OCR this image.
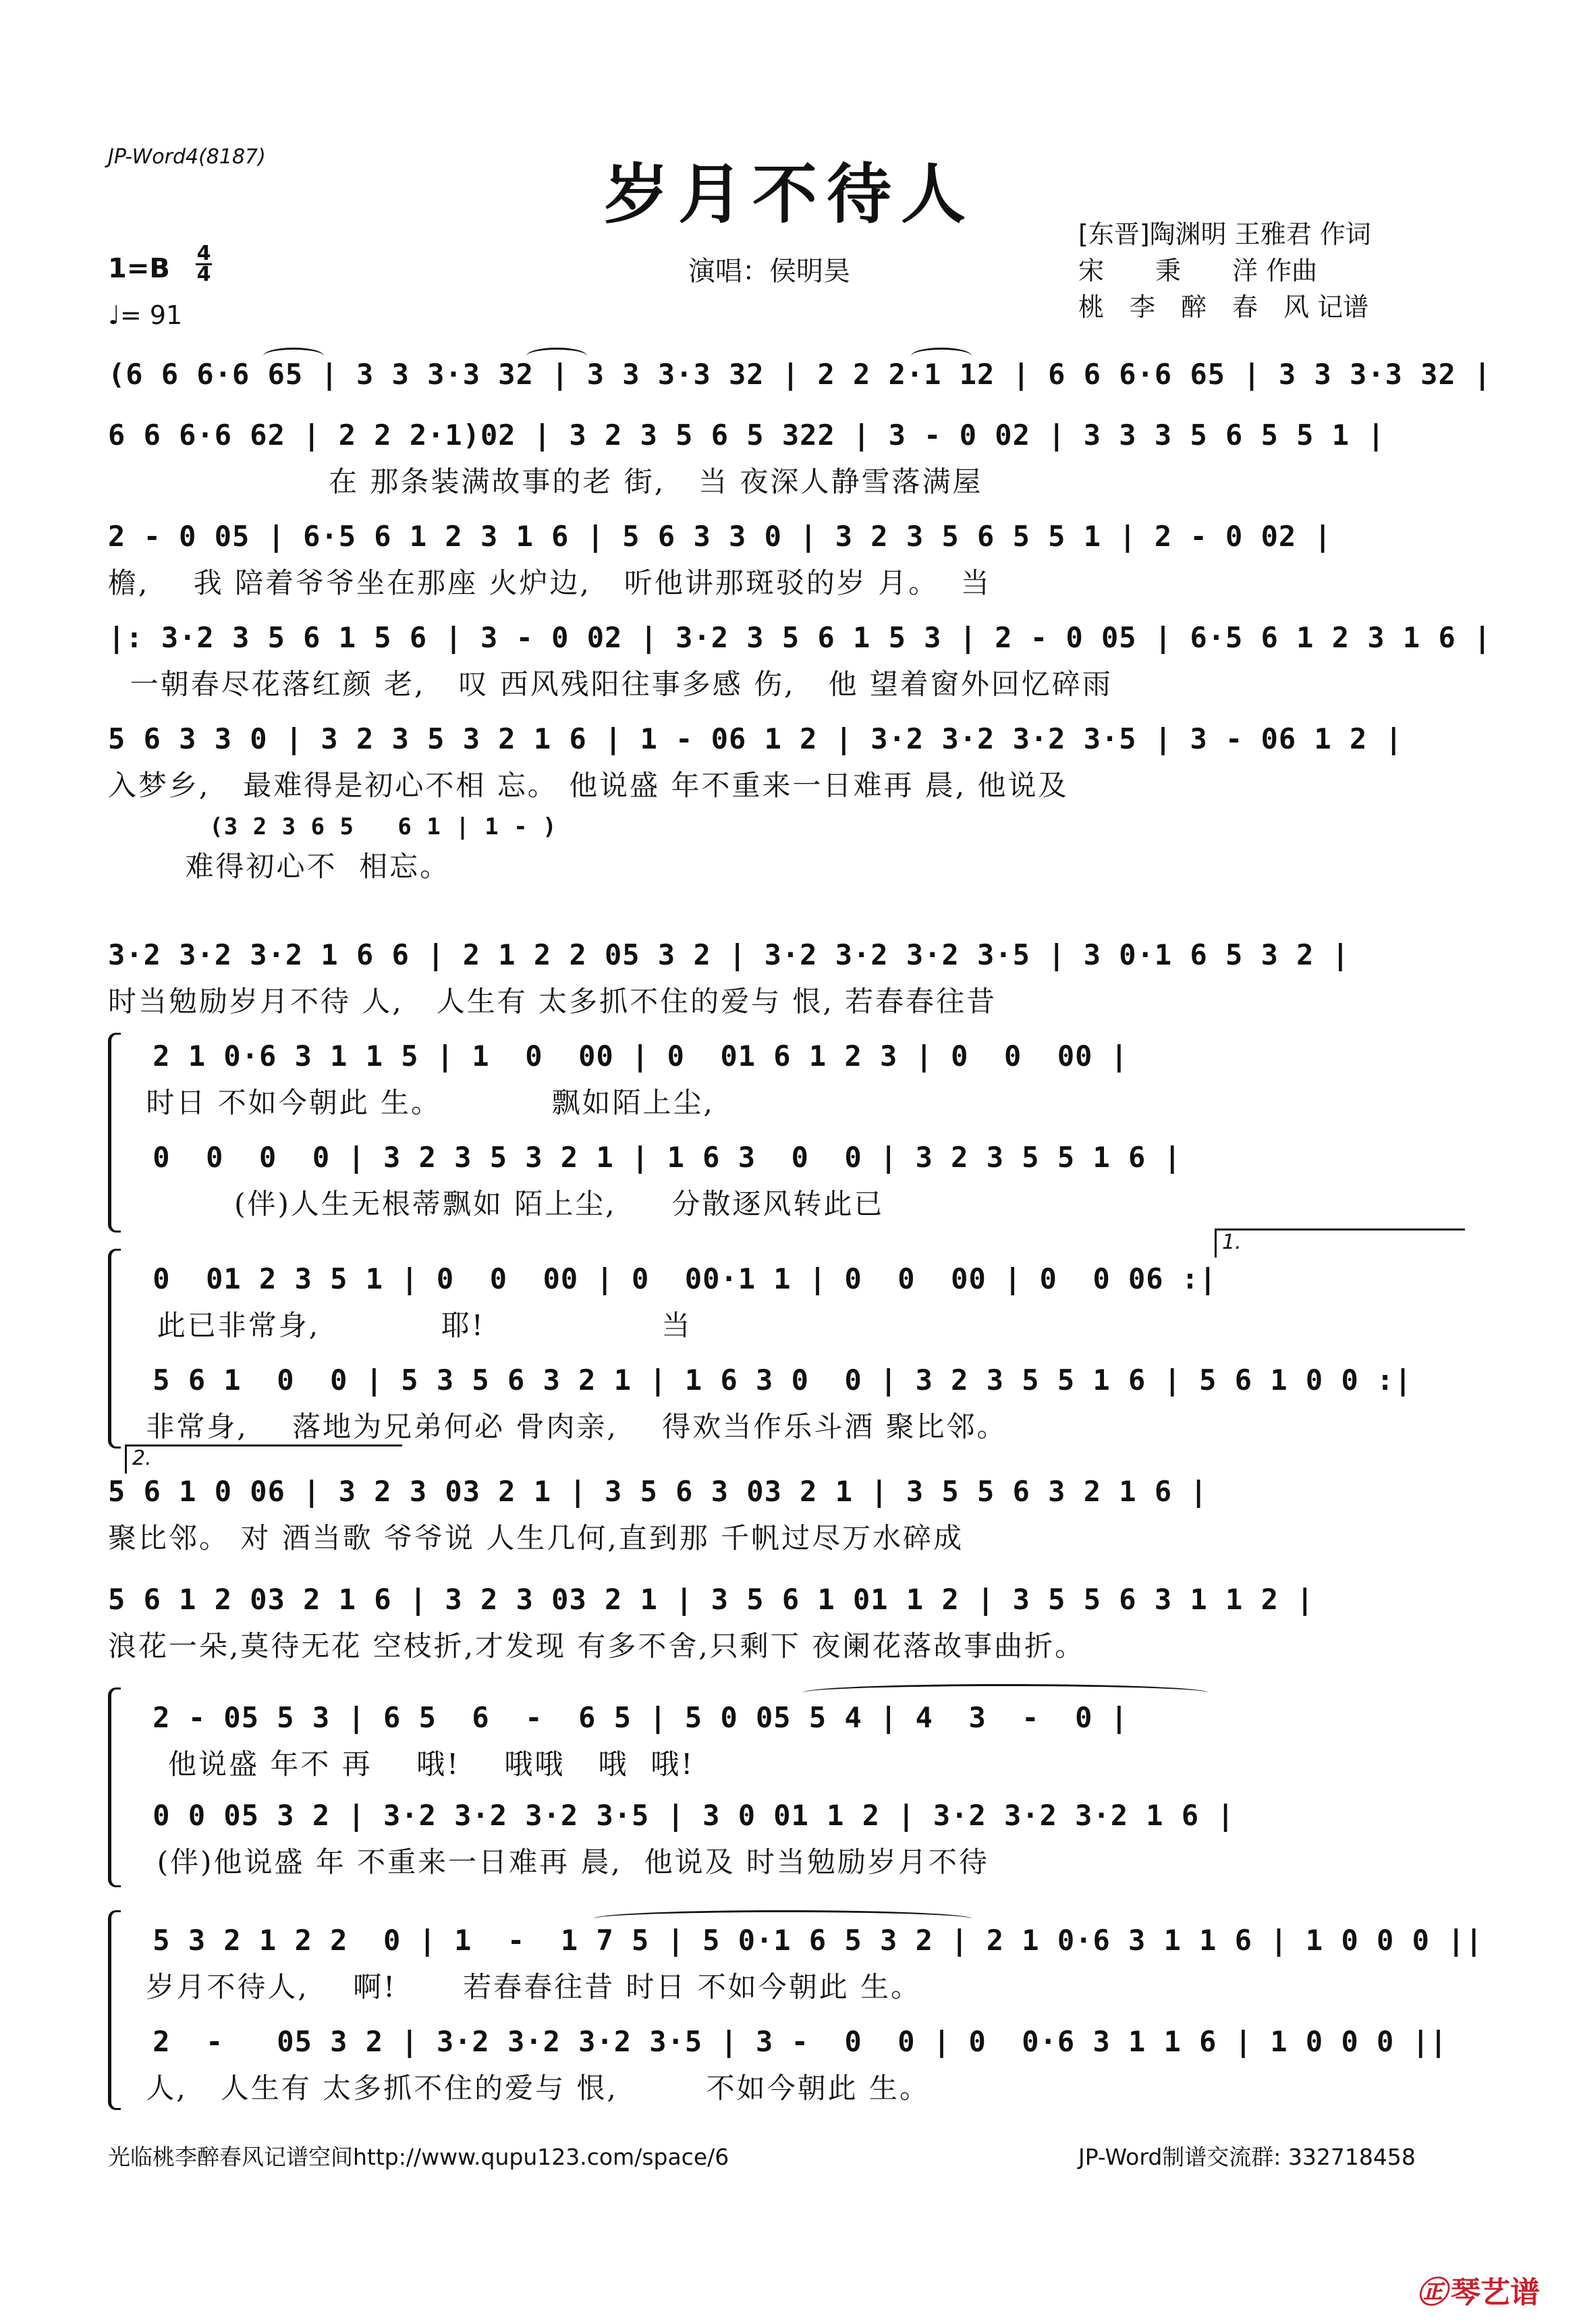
JP-Word4(8187)	岁月不待人
1=B 4
4
♩= 91
演唱：侯明昊
[东晋]陶渊明 王雅君 作词
宋　　秉　　洋 作曲
桃　李　醉　春　风 记谱
(6 6 6·6 65 | 3 3 3·3 32 | 3 3 3·3 32 | 2 2 2·1 12 | 6 6 6·6 65 | 3 3 3·3 32 |
6 6 6·6 62 | 2 2 2·1)02 | 3 2 3 5 6 5 322 | 3 - 0 02 | 3 3 3 5 6 5 5 1 |
在 那条装满故事的老 街,   当 夜深人静雪落满屋
2 - 0 05 | 6·5 6 1 2 3 1 6 | 5 6 3 3 0 | 3 2 3 5 6 5 5 1 | 2 - 0 02 |
檐,    我 陪着爷爷坐在那座 火炉边,   听他讲那斑驳的岁 月。  当
|: 3·2 3 5 6 1 5 6 | 3 - 0 02 | 3·2 3 5 6 1 5 3 | 2 - 0 05 | 6·5 6 1 2 3 1 6 |
一朝春尽花落红颜 老,   叹 西风残阳往事多感 伤,   他 望着窗外回忆碎雨
5 6 3 3 0 | 3 2 3 5 3 2 1 6 | 1 - 06 1 2 | 3·2 3·2 3·2 3·5 | 3 - 06 1 2 |
入梦乡,   最难得是初心不相 忘。 他说盛 年不重来一日难再 晨, 他说及
(3 2 3 6 5   6 1 | 1 - )
难得初心不  相忘。
3·2 3·2 3·2 1 6 6 | 2 1 2 2 05 3 2 | 3·2 3·2 3·2 3·5 | 3 0·1 6 5 3 2 |
时当勉励岁月不待 人,   人生有 太多抓不住的爱与 恨, 若春春往昔
2 1 0·6 3 1 1 5 | 1  0  00 | 0  01 6 1 2 3 | 0  0  00 |
时日 不如今朝此 生。          飘如陌上尘,
0  0  0  0 | 3 2 3 5 3 2 1 | 1 6 3  0  0 | 3 2 3 5 5 1 6 |
(伴)人生无根蒂飘如 陌上尘,     分散逐风转此已
1.
0  01 2 3 5 1 | 0  0  00 | 0  00·1 1 | 0  0  00 | 0  0 06 :|
此已非常身,           耶!                当
5 6 1  0  0 | 5 3 5 6 3 2 1 | 1 6 3 0  0 | 3 2 3 5 5 1 6 | 5 6 1 0 0 :|
非常身,    落地为兄弟何必 骨肉亲,    得欢当作乐斗酒 聚比邻。
2.
5 6 1 0 06 | 3 2 3 03 2 1 | 3 5 6 3 03 2 1 | 3 5 5 6 3 2 1 6 |
聚比邻。 对 酒当歌 爷爷说 人生几何,直到那 千帆过尽万水碎成
5 6 1 2 03 2 1 6 | 3 2 3 03 2 1 | 3 5 6 1 01 1 2 | 3 5 5 6 3 1 1 2 |
浪花一朵,莫待无花 空枝折,才发现 有多不舍,只剩下 夜阑花落故事曲折。
2 - 05 5 3 | 6 5  6  -  6 5 | 5 0 05 5 4 | 4  3  -  0 |
他说盛 年不 再    哦!    哦哦   哦  哦!
0 0 05 3 2 | 3·2 3·2 3·2 3·5 | 3 0 01 1 2 | 3·2 3·2 3·2 1 6 |
(伴)他说盛 年 不重来一日难再 晨,  他说及 时当勉励岁月不待
5 3 2 1 2 2  0 | 1  -  1 7 5 | 5 0·1 6 5 3 2 | 2 1 0·6 3 1 1 6 | 1 0 0 0 ||
岁月不待人,    啊!      若春春往昔 时日 不如今朝此 生。
2  -   05 3 2 | 3·2 3·2 3·2 3·5 | 3 -  0  0 | 0  0·6 3 1 1 6 | 1 0 0 0 ||
人,   人生有 太多抓不住的爱与 恨,        不如今朝此 生。
光临桃李醉春风记谱空间http://www.qupu123.com/space/6	JP-Word制谱交流群: 332718458
㊣ 琴艺谱
